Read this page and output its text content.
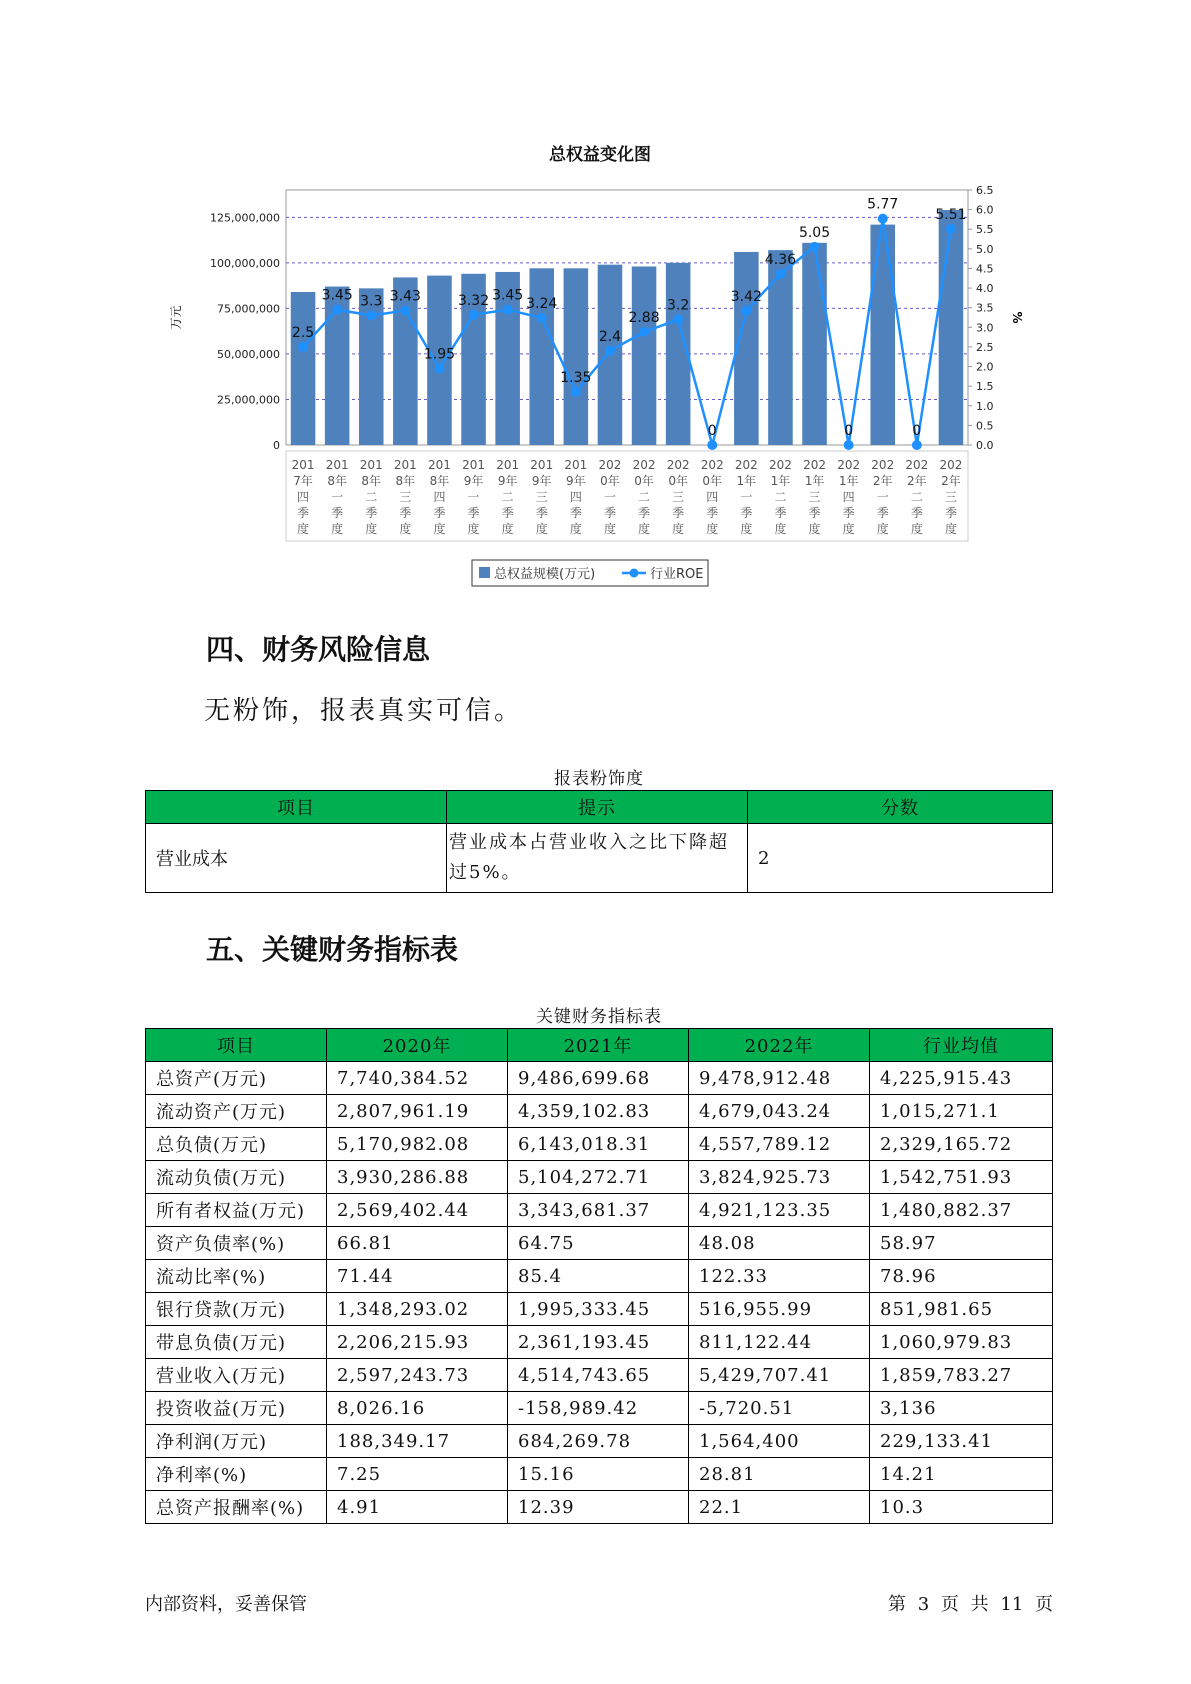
总权益变化图
0
25,000,000
50,000,000
75,000,000
100,000,000
125,000,000
0.0
0.5
1.0
1.5
2.0
2.5
3.0
3.5
4.0
4.5
5.0
5.5
6.0
6.5
万元	%
201
7年
四
季
度
201
8年
一
季
度
201
8年
二
季
度
201
8年
三
季
度
201
8年
四
季
度
201
9年
一
季
度
201
9年
二
季
度
201
9年
三
季
度
201
9年
四
季
度
202
0年
一
季
度
202
0年
二
季
度
202
0年
三
季
度
202
0年
四
季
度
202
1年
一
季
度
202
1年
二
季
度
202
1年
三
季
度
202
1年
四
季
度
202
2年
一
季
度
202
2年
二
季
度
202
2年
三
季
度
2.5
3.45 3.3 3.43
1.95
3.32 3.45
3.24
1.35
2.4
2.88
3.2
0
3.42
4.36
5.05
0
5.77
0
5.51
总权益规模(万元)	行业ROE
四、财务风险信息
无粉饰，报表真实可信。
报表粉饰度
项目	提示	分数
营业成本	营业成本占营业收入之比下降超过5%。	2
五、关键财务指标表
关键财务指标表
项目	2020年	2021年	2022年	行业均值
总资产(万元)	7,740,384.52	9,486,699.68	9,478,912.48	4,225,915.43
流动资产(万元)	2,807,961.19	4,359,102.83	4,679,043.24	1,015,271.1
总负债(万元)	5,170,982.08	6,143,018.31	4,557,789.12	2,329,165.72
流动负债(万元)	3,930,286.88	5,104,272.71	3,824,925.73	1,542,751.93
所有者权益(万元)	2,569,402.44	3,343,681.37	4,921,123.35	1,480,882.37
资产负债率(%)	66.81	64.75	48.08	58.97
流动比率(%)	71.44	85.4	122.33	78.96
银行贷款(万元)	1,348,293.02	1,995,333.45	516,955.99	851,981.65
带息负债(万元)	2,206,215.93	2,361,193.45	811,122.44	1,060,979.83
营业收入(万元)	2,597,243.73	4,514,743.65	5,429,707.41	1,859,783.27
投资收益(万元)	8,026.16	-158,989.42	-5,720.51	3,136
净利润(万元)	188,349.17	684,269.78	1,564,400	229,133.41
净利率(%)	7.25	15.16	28.81	14.21
总资产报酬率(%)	4.91	12.39	22.1	10.3
内部资料，妥善保管	第 3 页 共 11 页
